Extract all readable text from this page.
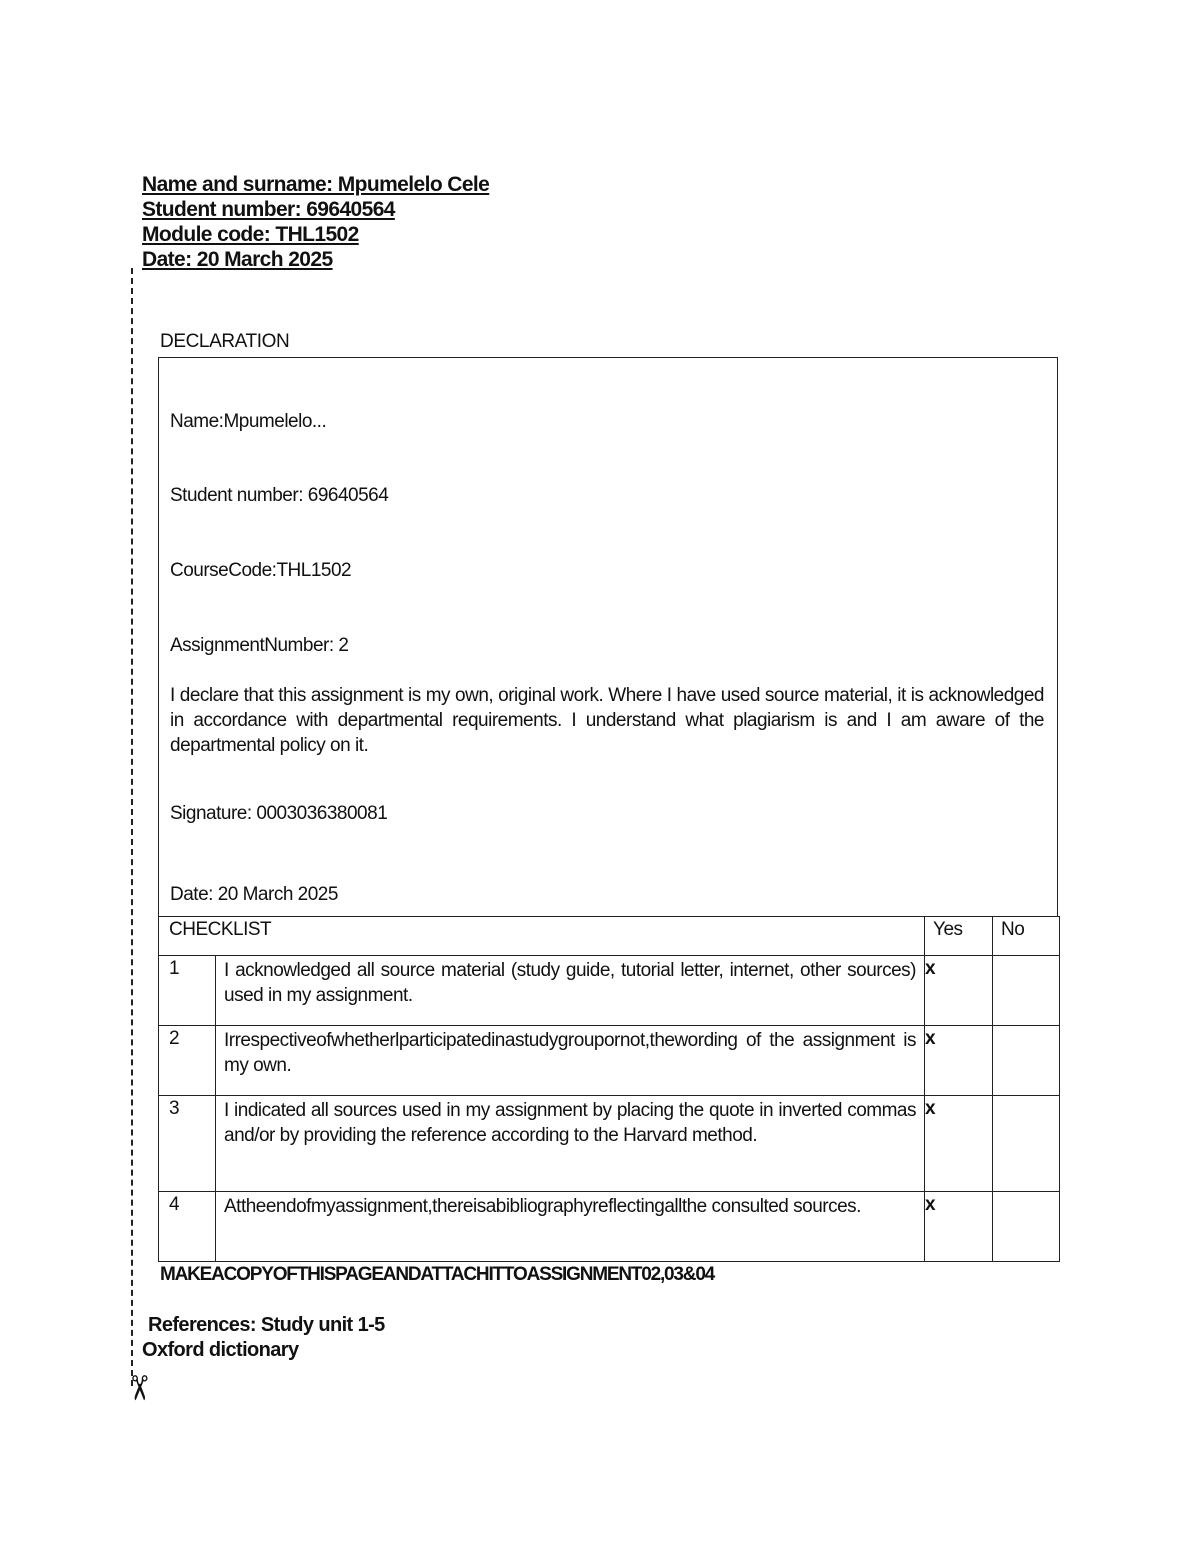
Name and surname: Mpumelelo Cele
Student number: 69640564
Module code: THL1502
Date: 20 March 2025
✂
DECLARATION
Name:Mpumelelo...
Student number: 69640564
CourseCode:THL1502
AssignmentNumber: 2
I declare that this assignment is my own, original work. Where I have used source material, it is acknowledged in accordance with departmental requirements. I understand what plagiarism is and I am aware of the departmental policy on it.
Signature: 0003036380081
Date: 20 March 2025
CHECKLIST		Yes	No
1	I acknowledged all source material (study guide, tutorial letter, internet, other sources) used in my assignment.	x	
2	Irrespectiveofwhetherlparticipatedinastudygroupornot,thewording of the assignment is my own.	x	
3	I indicated all sources used in my assignment by placing the quote in inverted commas and/or by providing the reference according to the Harvard method.	x	
4	Attheendofmyassignment,thereisabibliographyreflectingallthe consulted sources.	x	
MAKEACOPYOFTHISPAGEANDATTACHITTOASSIGNMENT02,03&04
References: Study unit 1-5
Oxford dictionary
